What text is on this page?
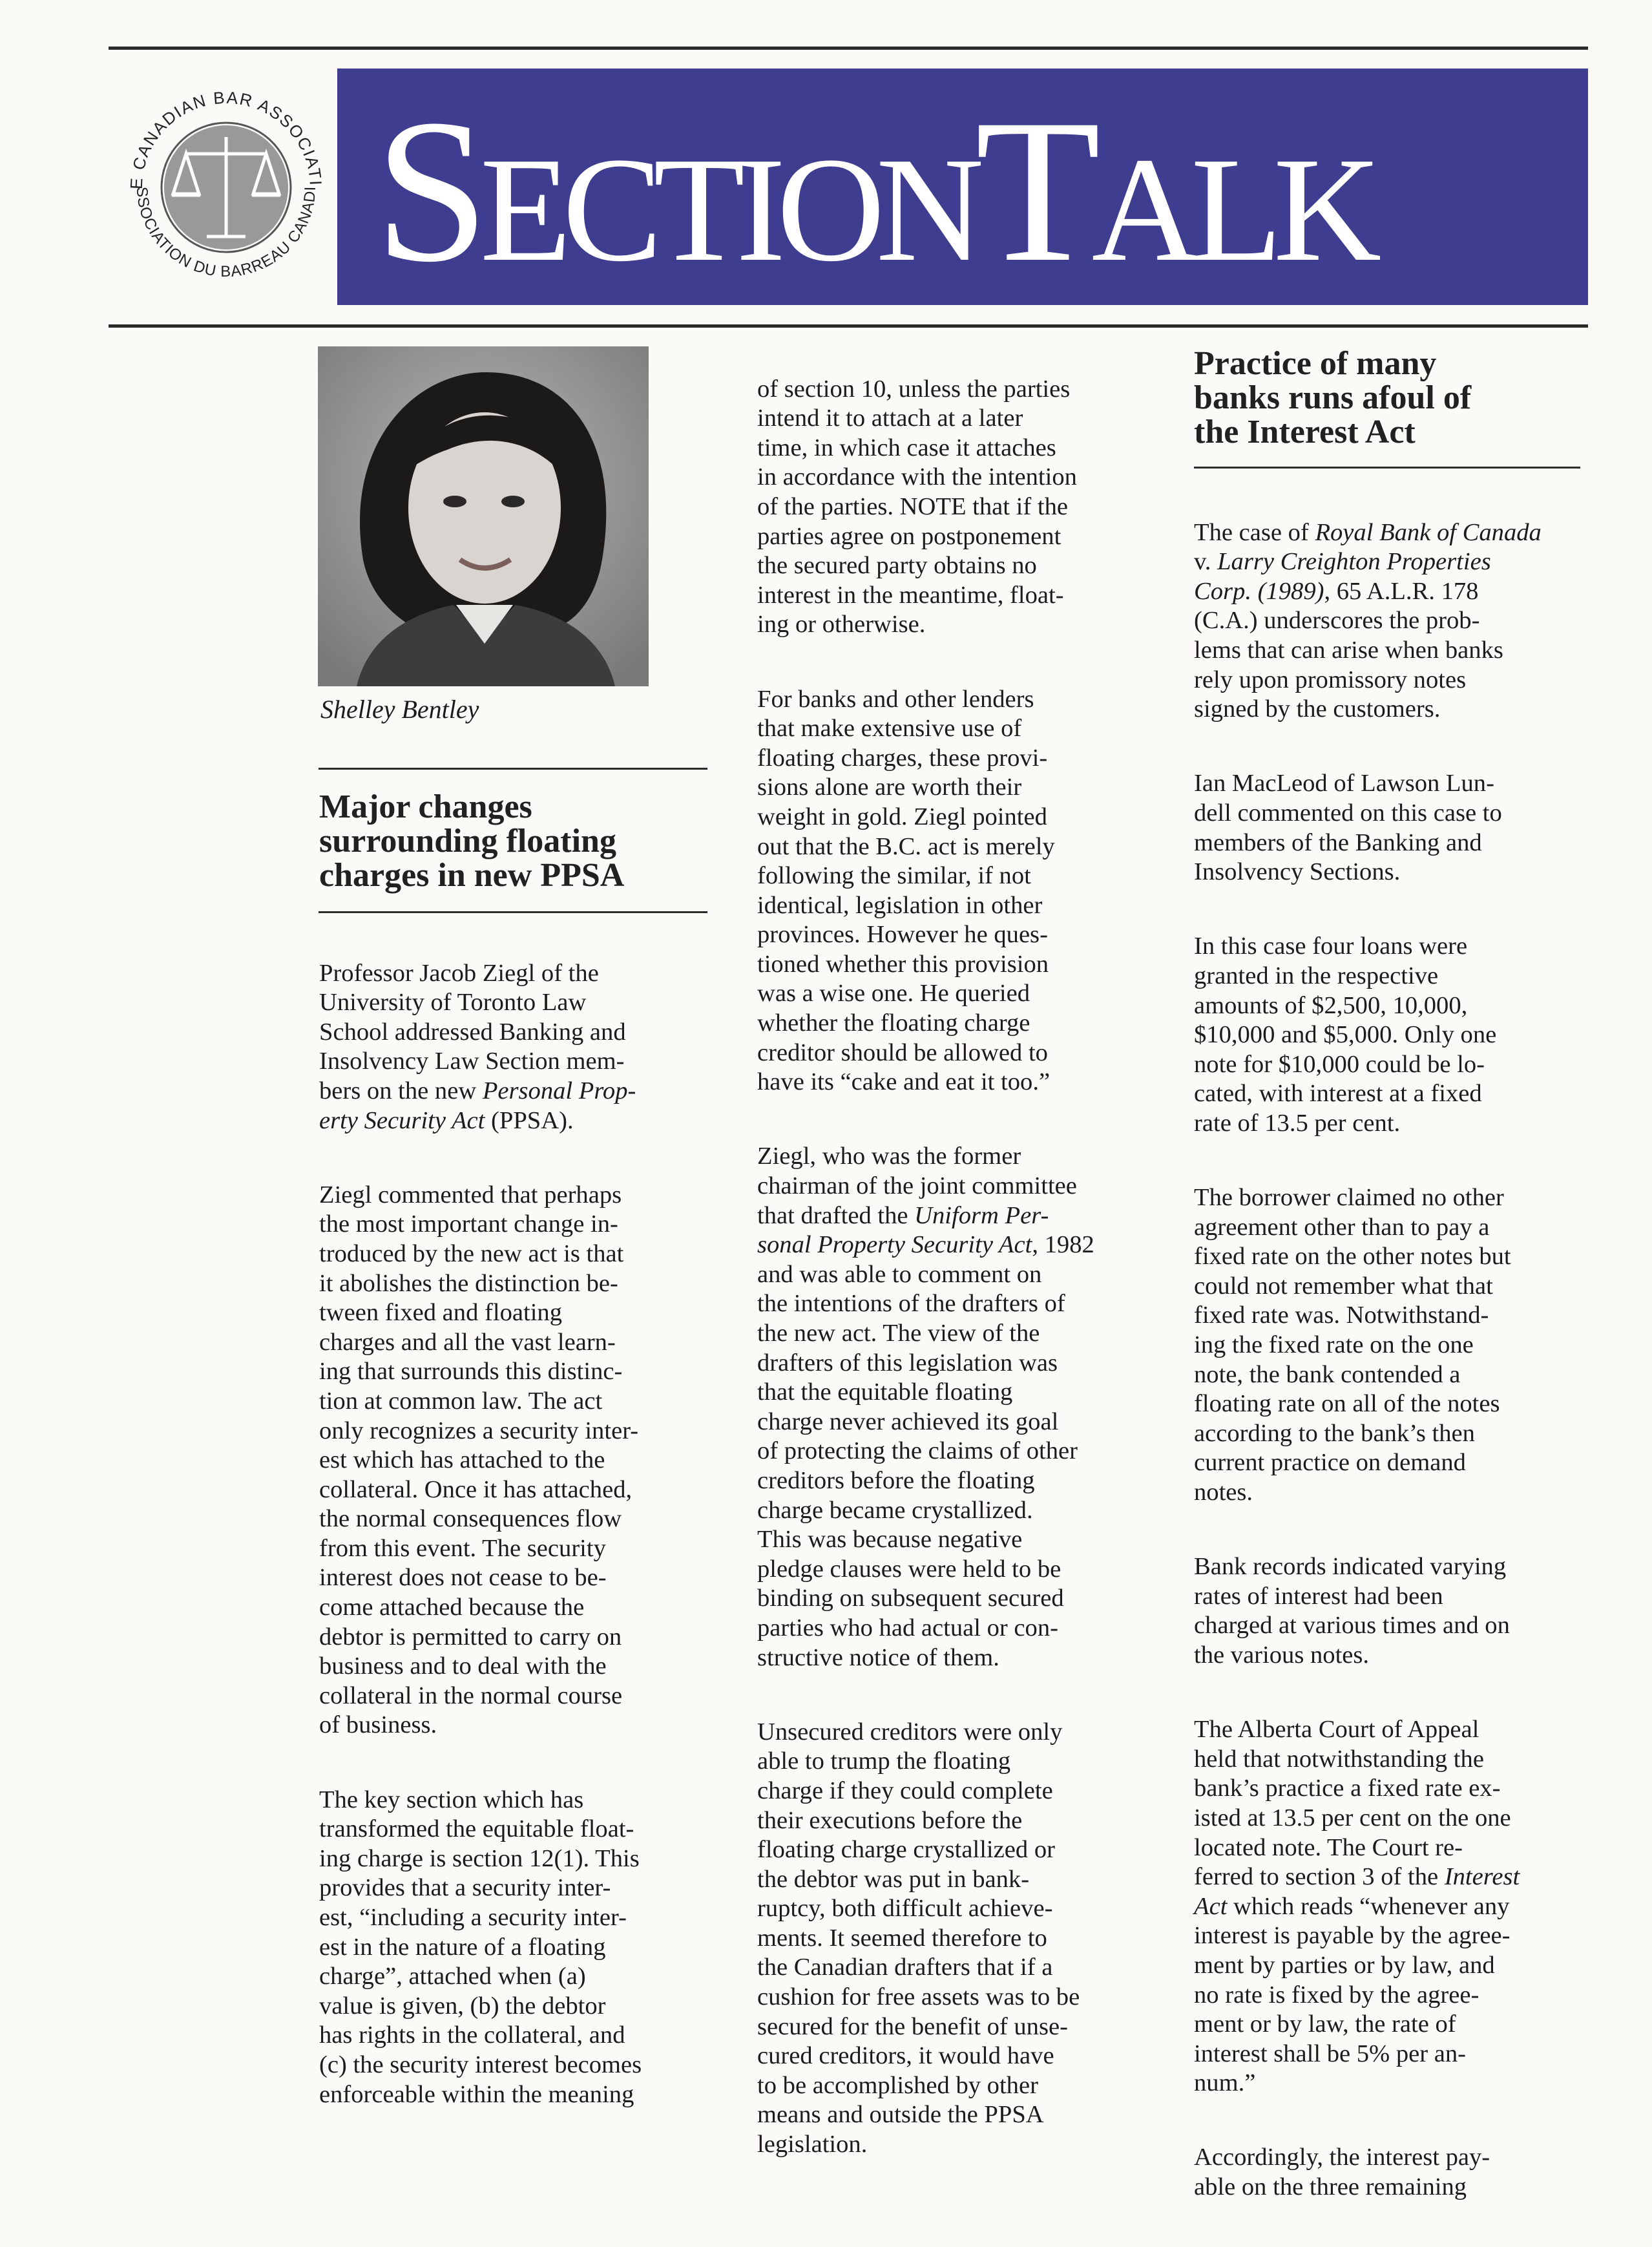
E CANADIAN BAR ASSOCIATI
SSOCIATION DU BARREAU CANADI SECTIONTALK
Shelley Bentley
Major changes
surrounding floating
charges in new PPSA

Professor Jacob Ziegl of the
University of Toronto Law
School addressed Banking and
Insolvency Law Section mem-
bers on the new Personal Prop-
erty Security Act (PPSA).

Ziegl commented that perhaps
the most important change in-
troduced by the new act is that
it abolishes the distinction be-
tween fixed and floating
charges and all the vast learn-
ing that surrounds this distinc-
tion at common law. The act
only recognizes a security inter-
est which has attached to the
collateral. Once it has attached,
the normal consequences flow
from this event. The security
interest does not cease to be-
come attached because the
debtor is permitted to carry on
business and to deal with the
collateral in the normal course
of business.

The key section which has
transformed the equitable float-
ing charge is section 12(1). This
provides that a security inter-
est, “including a security inter-
est in the nature of a floating
charge”, attached when (a)
value is given, (b) the debtor
has rights in the collateral, and
(c) the security interest becomes
enforceable within the meaning

of section 10, unless the parties
intend it to attach at a later
time, in which case it attaches
in accordance with the intention
of the parties. NOTE that if the
parties agree on postponement
the secured party obtains no
interest in the meantime, float-
ing or otherwise.

For banks and other lenders
that make extensive use of
floating charges, these provi-
sions alone are worth their
weight in gold. Ziegl pointed
out that the B.C. act is merely
following the similar, if not
identical, legislation in other
provinces. However he ques-
tioned whether this provision
was a wise one. He queried
whether the floating charge
creditor should be allowed to
have its “cake and eat it too.”

Ziegl, who was the former
chairman of the joint committee
that drafted the Uniform Per-
sonal Property Security Act, 1982
and was able to comment on
the intentions of the drafters of
the new act. The view of the
drafters of this legislation was
that the equitable floating
charge never achieved its goal
of protecting the claims of other
creditors before the floating
charge became crystallized.
This was because negative
pledge clauses were held to be
binding on subsequent secured
parties who had actual or con-
structive notice of them.

Unsecured creditors were only
able to trump the floating
charge if they could complete
their executions before the
floating charge crystallized or
the debtor was put in bank-
ruptcy, both difficult achieve-
ments. It seemed therefore to
the Canadian drafters that if a
cushion for free assets was to be
secured for the benefit of unse-
cured creditors, it would have
to be accomplished by other
means and outside the PPSA
legislation.

Practice of many
banks runs afoul of
the Interest Act

The case of Royal Bank of Canada
v. Larry Creighton Properties
Corp. (1989), 65 A.L.R. 178
(C.A.) underscores the prob-
lems that can arise when banks
rely upon promissory notes
signed by the customers.

Ian MacLeod of Lawson Lun-
dell commented on this case to
members of the Banking and
Insolvency Sections.

In this case four loans were
granted in the respective
amounts of $2,500, 10,000,
$10,000 and $5,000. Only one
note for $10,000 could be lo-
cated, with interest at a fixed
rate of 13.5 per cent.

The borrower claimed no other
agreement other than to pay a
fixed rate on the other notes but
could not remember what that
fixed rate was. Notwithstand-
ing the fixed rate on the one
note, the bank contended a
floating rate on all of the notes
according to the bank’s then
current practice on demand
notes.

Bank records indicated varying
rates of interest had been
charged at various times and on
the various notes.

The Alberta Court of Appeal
held that notwithstanding the
bank’s practice a fixed rate ex-
isted at 13.5 per cent on the one
located note. The Court re-
ferred to section 3 of the Interest
Act which reads “whenever any
interest is payable by the agree-
ment by parties or by law, and
no rate is fixed by the agree-
ment or by law, the rate of
interest shall be 5% per an-
num.”

Accordingly, the interest pay-
able on the three remaining
